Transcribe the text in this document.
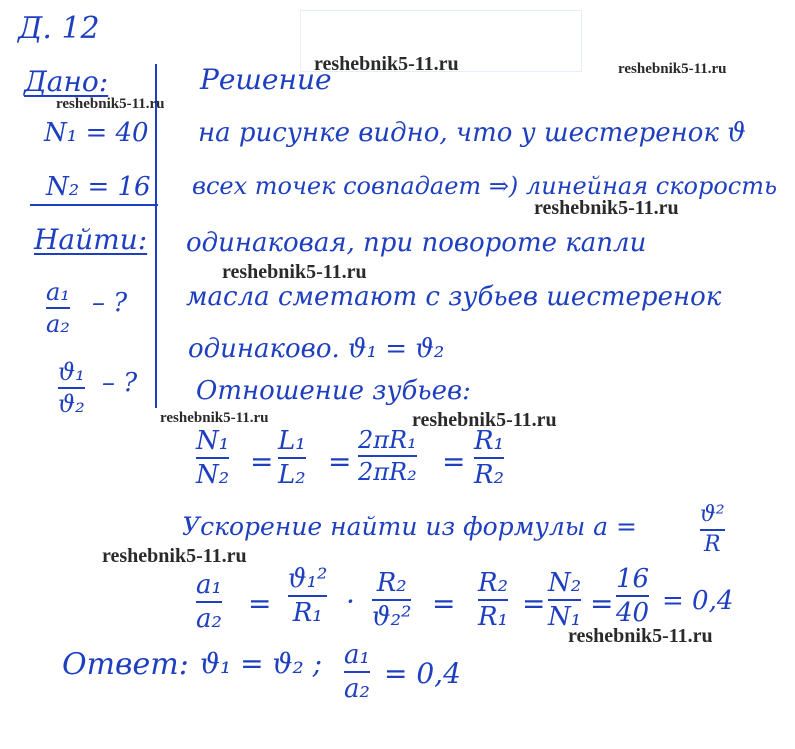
Д. 12
Дано:
N₁ = 40
N₂ = 16
Найти:
a₁
a₂
– ?
ϑ₁
ϑ₂
– ?
Решение
на рисунке видно, что у шестеренок ϑ
всех точек совпадает ⇒) линейная скорость
одинаковая, при повороте капли
масла сметают с зубьев шестеренок
одинаково. ϑ₁ = ϑ₂
Отношение зубьев:
N₁
N₂ =
L₁
L₂ =
2πR₁
2πR₂ =
R₁
R₂
Ускорение найти из формулы a =	ϑ²
R
a₁
a₂ =
ϑ₁²
R₁ ·
R₂
ϑ₂² =
R₂
R₁ =
N₂
N₁ =
16
40 = 0,4
Ответ: ϑ₁ = ϑ₂ ; a₁
a₂ = 0,4
reshebnik5-11.ru	reshebnik5-11.ru
reshebnik5-11.ru
reshebnik5-11.ru
reshebnik5-11.ru
reshebnik5-11.ru	reshebnik5-11.ru
reshebnik5-11.ru
reshebnik5-11.ru
